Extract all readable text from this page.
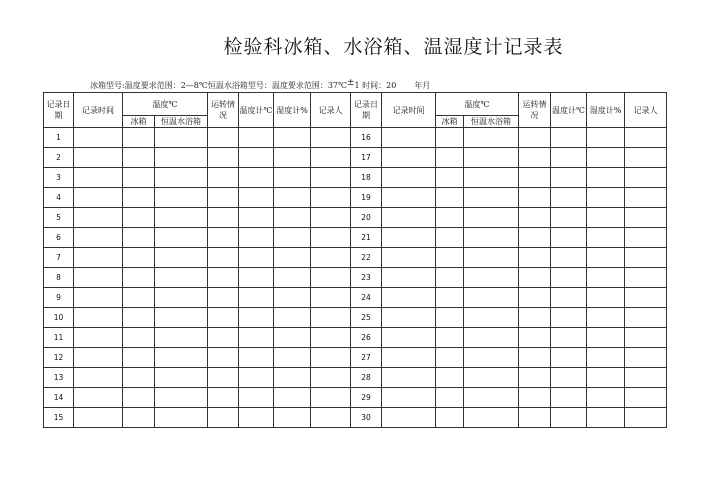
检验科冰箱、水浴箱、温湿度计记录表
冰箱型号:温度要求范围：2—8℃恒温水浴箱型号：温度要求范围：37℃±1 时间：20 年月
记录日期	记录时间	温度℃		运转情况	温度计℃	湿度计%	记录人	记录日期	记录时间	温度℃		运转情况	温度计℃	湿度计%	记录人
		冰箱	恒温水浴箱							冰箱	恒温水浴箱				
1								16							
2								17							
3								18							
4								19							
5								20							
6								21							
7								22							
8								23							
9								24							
10								25							
11								26							
12								27							
13								28							
14								29							
15								30							
